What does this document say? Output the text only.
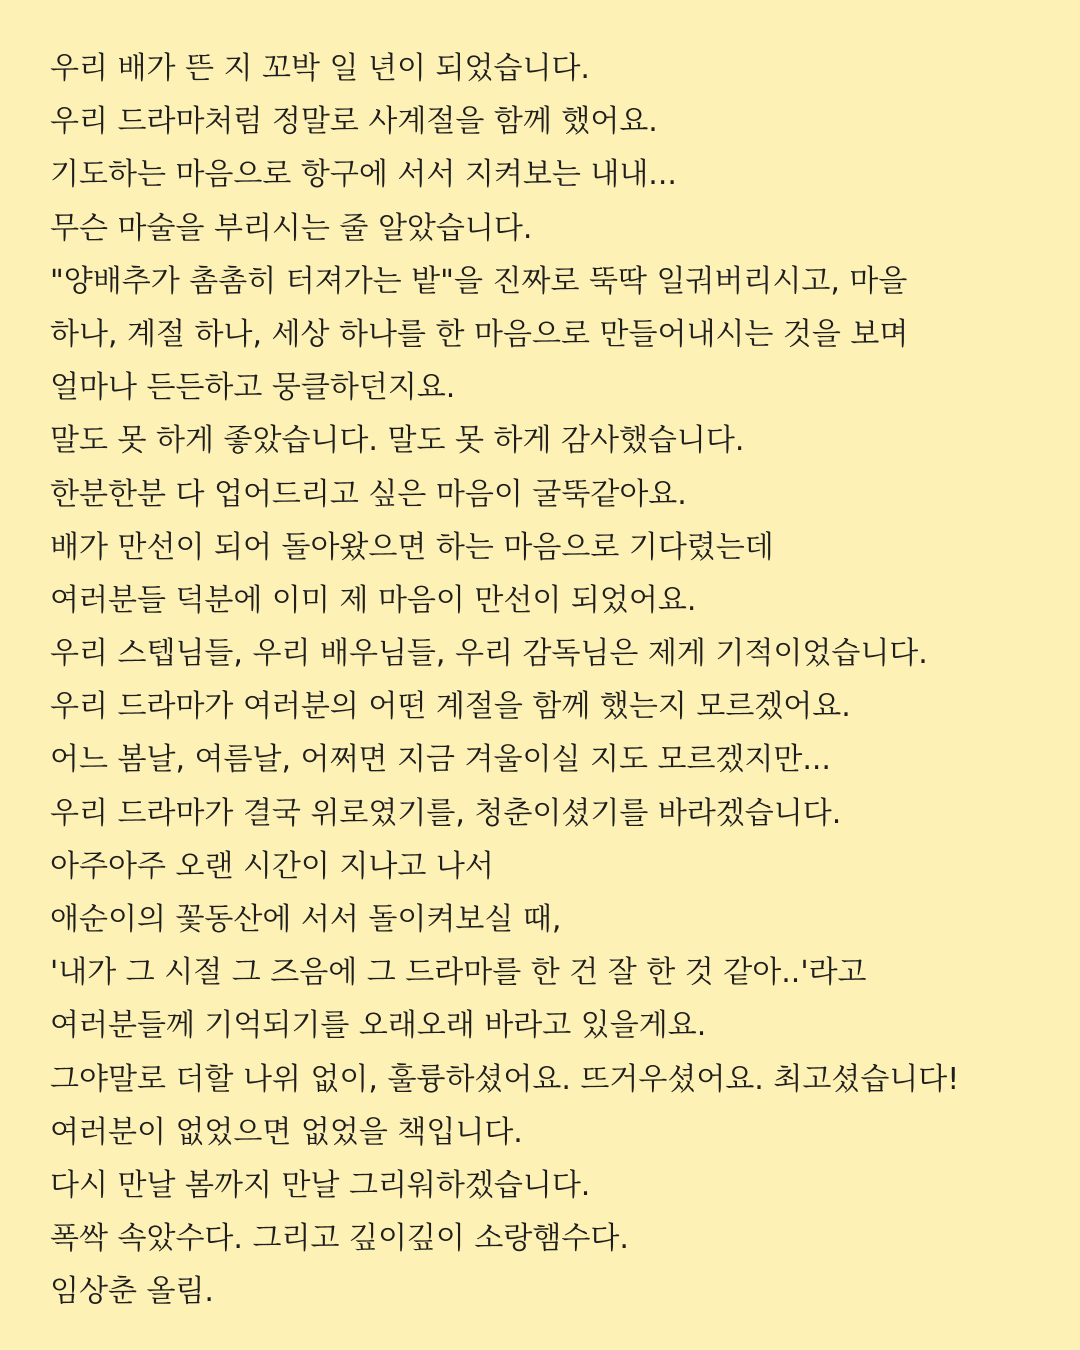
우리 배가 뜬 지 꼬박 일 년이 되었습니다.
우리 드라마처럼 정말로 사계절을 함께 했어요.
기도하는 마음으로 항구에 서서 지켜보는 내내...
무슨 마술을 부리시는 줄 알았습니다.
"양배추가 촘촘히 터져가는 밭"을 진짜로 뚝딱 일궈버리시고, 마을
하나, 계절 하나, 세상 하나를 한 마음으로 만들어내시는 것을 보며
얼마나 든든하고 뭉클하던지요.
말도 못 하게 좋았습니다. 말도 못 하게 감사했습니다.
한분한분 다 업어드리고 싶은 마음이 굴뚝같아요.
배가 만선이 되어 돌아왔으면 하는 마음으로 기다렸는데
여러분들 덕분에 이미 제 마음이 만선이 되었어요.
우리 스텝님들, 우리 배우님들, 우리 감독님은 제게 기적이었습니다.
우리 드라마가 여러분의 어떤 계절을 함께 했는지 모르겠어요.
어느 봄날, 여름날, 어쩌면 지금 겨울이실 지도 모르겠지만...
우리 드라마가 결국 위로였기를, 청춘이셨기를 바라겠습니다.
아주아주 오랜 시간이 지나고 나서
애순이의 꽃동산에 서서 돌이켜보실 때,
'내가 그 시절 그 즈음에 그 드라마를 한 건 잘 한 것 같아..'라고
여러분들께 기억되기를 오래오래 바라고 있을게요.
그야말로 더할 나위 없이, 훌륭하셨어요. 뜨거우셨어요. 최고셨습니다!
여러분이 없었으면 없었을 책입니다.
다시 만날 봄까지 만날 그리워하겠습니다.
폭싹 속았수다. 그리고 깊이깊이 소랑햄수다.
임상춘 올림.
